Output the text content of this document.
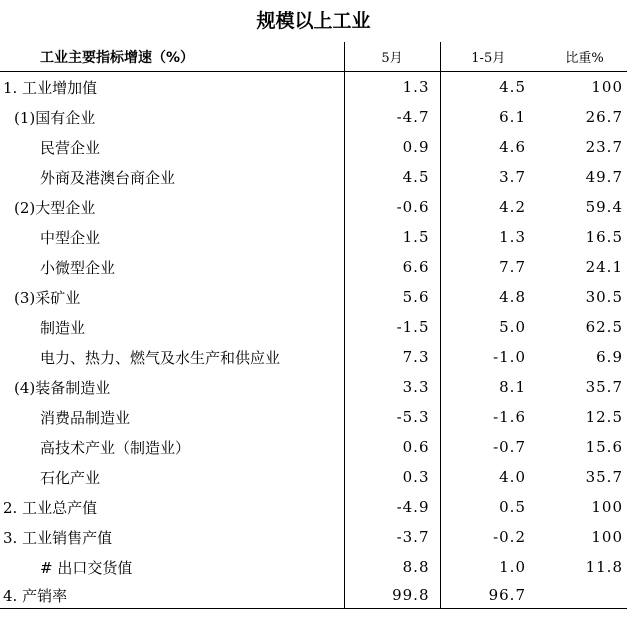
规模以上工业
工业主要指标增速（%）	5月	1-5月	比重%
1. 工业增加值	1.3	4.5	100
(1)国有企业	-4.7	6.1	26.7
民营企业	0.9	4.6	23.7
外商及港澳台商企业	4.5	3.7	49.7
(2)大型企业	-0.6	4.2	59.4
中型企业	1.5	1.3	16.5
小微型企业	6.6	7.7	24.1
(3)采矿业	5.6	4.8	30.5
制造业	-1.5	5.0	62.5
电力、热力、燃气及水生产和供应业	7.3	-1.0	6.9
(4)装备制造业	3.3	8.1	35.7
消费品制造业	-5.3	-1.6	12.5
高技术产业（制造业）	0.6	-0.7	15.6
石化产业	0.3	4.0	35.7
2. 工业总产值	-4.9	0.5	100
3. 工业销售产值	-3.7	-0.2	100
# 出口交货值	8.8	1.0	11.8
4. 产销率	99.8	96.7	
